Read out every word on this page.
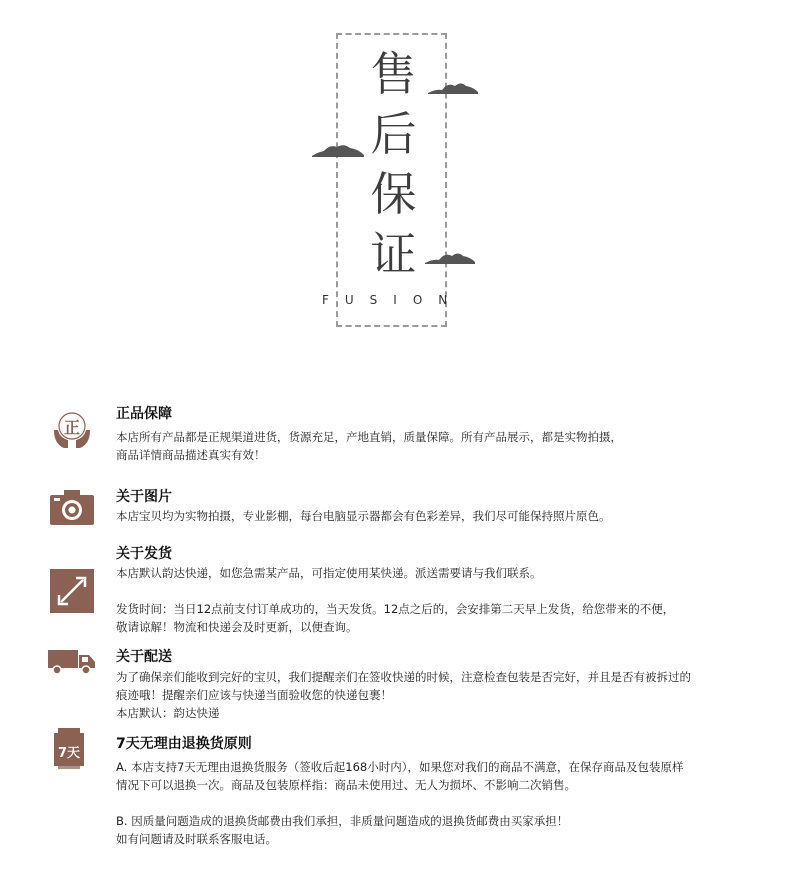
售
后
保
证
FUSION
正
正品保障
本店所有产品都是正规渠道进货，货源充足，产地直销，质量保障。所有产品展示，都是实物拍摄，
商品详情商品描述真实有效！
关于图片
本店宝贝均为实物拍摄，专业影棚，每台电脑显示器都会有色彩差异，我们尽可能保持照片原色。
关于发货
本店默认韵达快递，如您急需某产品，可指定使用某快递。派送需要请与我们联系。
发货时间：当日12点前支付订单成功的，当天发货。12点之后的，会安排第二天早上发货，给您带来的不便，
敬请谅解！物流和快递会及时更新，以便查询。
关于配送
为了确保亲们能收到完好的宝贝，我们提醒亲们在签收快递的时候，注意检查包装是否完好，并且是否有被拆过的
痕迹哦！提醒亲们应该与快递当面验收您的快递包裹！
本店默认：韵达快递
7天
7天无理由退换货原则
A. 本店支持7天无理由退换货服务（签收后起168小时内），如果您对我们的商品不满意，在保存商品及包装原样
情况下可以退换一次。商品及包装原样指：商品未使用过、无人为损坏、不影响二次销售。
B. 因质量问题造成的退换货邮费由我们承担，非质量问题造成的退换货邮费由买家承担！
如有问题请及时联系客服电话。
